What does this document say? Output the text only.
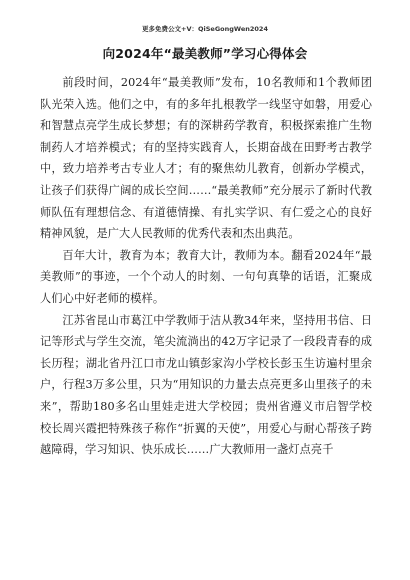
更多免费公文+V：QiSeGongWen2024
向2024年“最美教师”学习心得体会

前段时间，2024年“最美教师”发布，10名教师和1个教师团队光荣入选。他们之中，有的多年扎根教学一线坚守如磐，用爱心和智慧点亮学生成长梦想；有的深耕药学教育，积极探索推广生物制药人才培养模式；有的坚持实践育人，长期奋战在田野考古教学中，致力培养考古专业人才；有的聚焦幼儿教育，创新办学模式，让孩子们获得广阔的成长空间……“最美教师”充分展示了新时代教师队伍有理想信念、有道德情操、有扎实学识、有仁爱之心的良好精神风貌，是广大人民教师的优秀代表和杰出典范。

百年大计，教育为本；教育大计，教师为本。翻看2024年“最美教师”的事迹，一个个动人的时刻、一句句真挚的话语，汇聚成人们心中好老师的模样。

江苏省昆山市葛江中学教师于洁从教34年来，坚持用书信、日记等形式与学生交流，笔尖流淌出的42万字记录了一段段青春的成长历程；湖北省丹江口市龙山镇彭家沟小学校长彭玉生访遍村里余户，行程3万多公里，只为“用知识的力量去点亮更多山里孩子的未来”，帮助180多名山里娃走进大学校园；贵州省遵义市启智学校校长周兴霞把特殊孩子称作“折翼的天使”，用爱心与耐心帮孩子跨越障碍，学习知识、快乐成长……广大教师用一盏灯点亮千
